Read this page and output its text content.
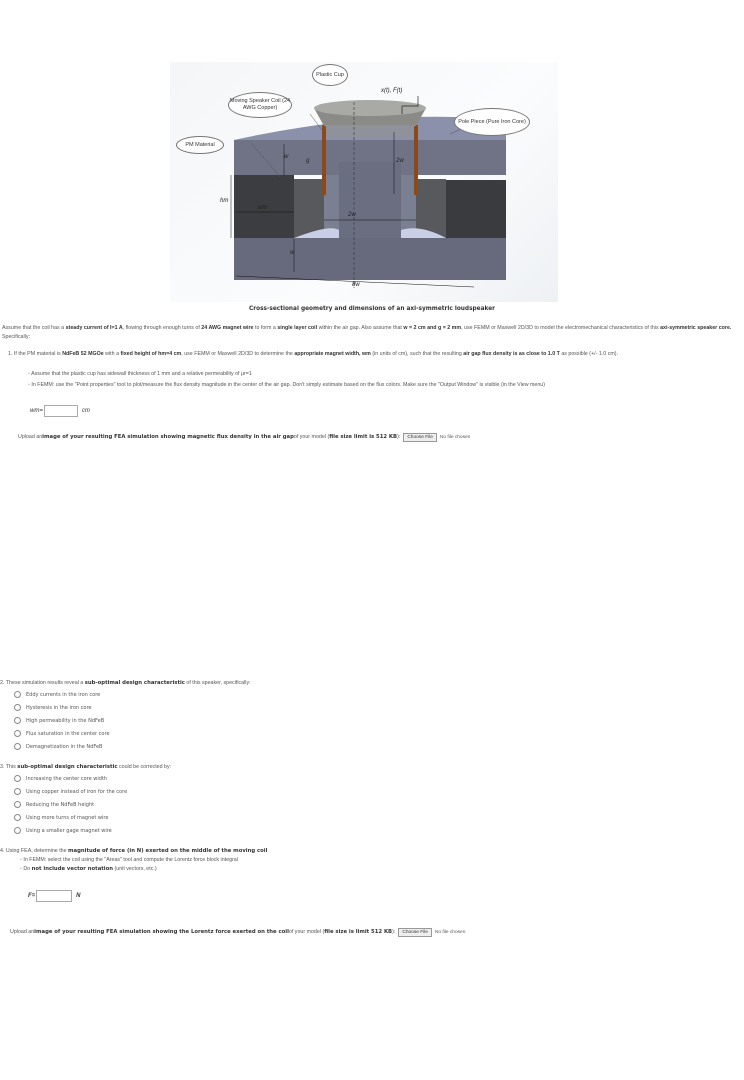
Plastic Cup
Moving Speaker Coil (24 AWG Copper)
Pole Piece (Pure Iron Core)
PM Material
x(t), F(t)
w
g	2w
hm
wm
2w
w
8w
Cross-sectional geometry and dimensions of an axi-symmetric loudspeaker
Assume that the coil has a steady current of I=1 A, flowing through enough turns of 24 AWG magnet wire to form a single layer coil within the air gap. Also assume that w = 2 cm and g = 2 mm, use FEMM or Maxwell 2D/3D to model the electromechanical characteristics of this axi-symmetric speaker core. Specifically:
1. If the PM material is NdFeB 52 MGOe with a fixed height of hm=4 cm, use FEMM or Maxwell 2D/3D to determine the appropriate magnet width, wm (in units of cm), such that the resulting air gap flux density is as close to 1.0 T as possible (+/- 1.0 cm).
◦ Assume that the plastic cup has sidewall thickness of 1 mm and a relative permeability of μr=1
◦ In FEMM: use the "Point properties" tool to plot/measure the flux density magnitude in the center of the air gap. Don't simply estimate based on the flux colors. Make sure the "Output Window" is visible (in the View menu)
wm=	cm
Upload an image of your resulting FEA simulation showing magnetic flux density in the air gap of your model ( file size limit is 512 KB ):	Choose File	No file chosen
2. These simulation results reveal a sub-optimal design characteristic of this speaker, specifically:
Eddy currents in the iron core
Hysteresis in the iron core
High permeability in the NdFeB
Flux saturation in the center core
Demagnetization in the NdFeB
3. This sub-optimal design characteristic could be corrected by:
Increasing the center core width
Using copper instead of iron for the core
Reducing the NdFeB height
Using more turns of magnet wire
Using a smaller gage magnet wire
4. Using FEA, determine the magnitude of force (in N) exerted on the middle of the moving coil
◦ In FEMM: select the coil using the "Areas" tool and compute the Lorentz force block integral
◦ Do not include vector notation (unit vectors, etc.)
F=	N
Upload an image of your resulting FEA simulation showing the Lorentz force exerted on the coil of your model ( file size is limit 512 KB ):	Choose File	No file chosen
